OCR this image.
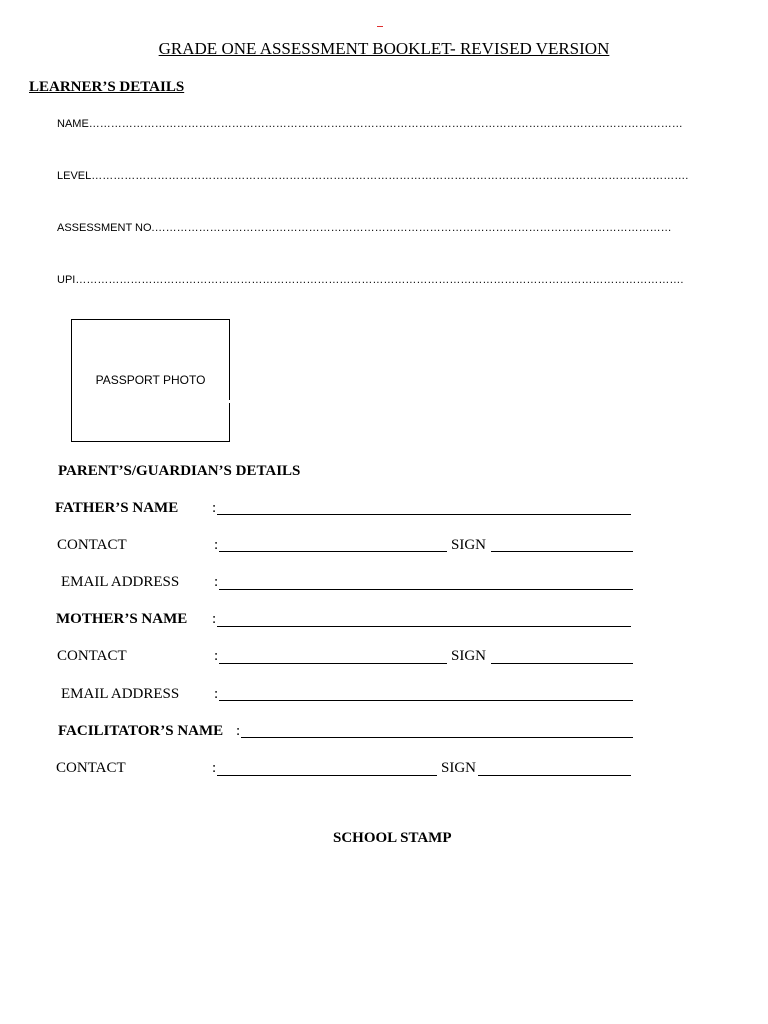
GRADE ONE ASSESSMENT BOOKLET- REVISED VERSION
LEARNER’S DETAILS
NAME………………………………………………………………………………………………………………………………………………
LEVEL……………………………………………………………………………………………………………………………………………….
ASSESSMENT NO.……………………………………………………………………………………………………………………………
UPI………………………………………………………………………………………………………………………………………………….
PASSPORT PHOTO
PARENT’S/GUARDIAN’S DETAILS
FATHER’S NAME :
CONTACT	:	SIGN
EMAIL ADDRESS :
MOTHER’S NAME :
CONTACT	:	SIGN
EMAIL ADDRESS :
FACILITATOR’S NAME :
CONTACT	:	SIGN
SCHOOL STAMP
